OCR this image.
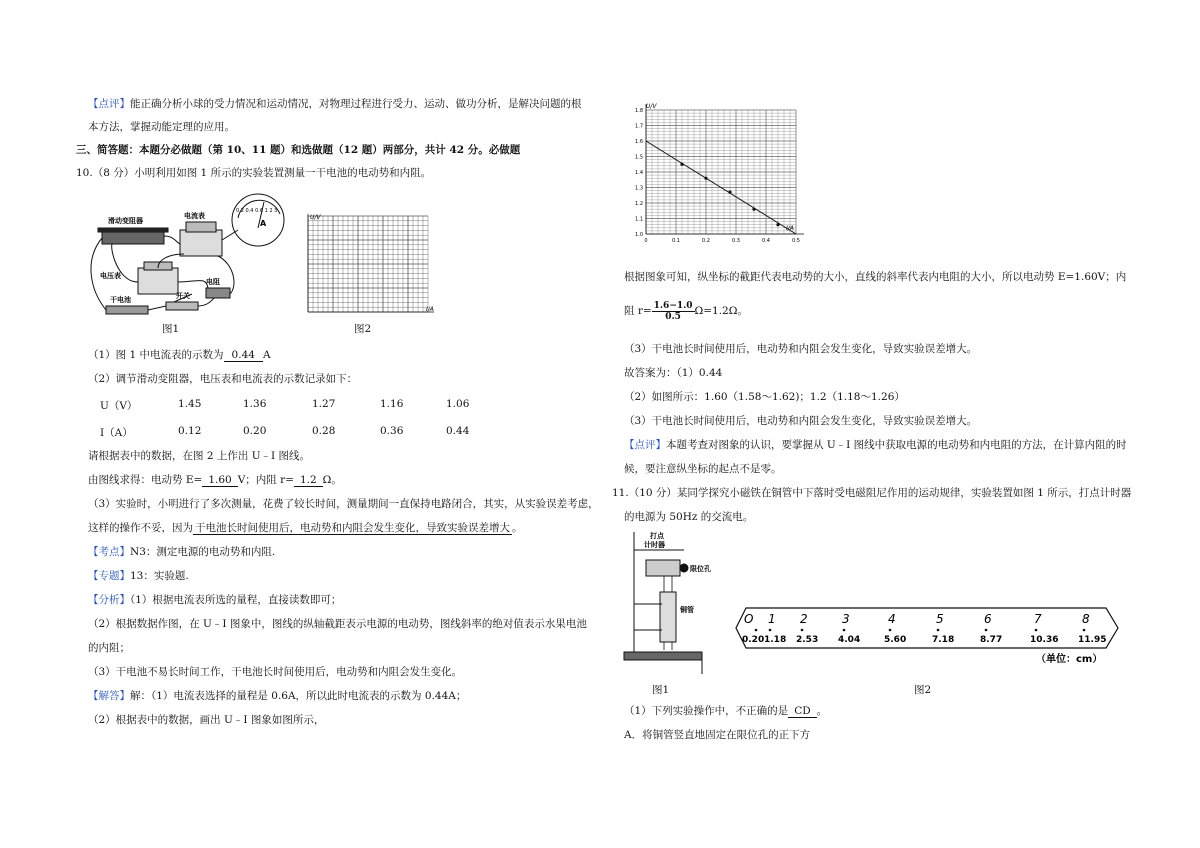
【点评】能正确分析小球的受力情况和运动情况，对物理过程进行受力、运动、做功分析，是解决问题的根
本方法，掌握动能定理的应用。
三、简答题：本题分必做题（第 10、11 题）和选做题（12 题）两部分，共计 42 分。必做题
10.（8 分）小明利用如图 1 所示的实验装置测量一干电池的电动势和内阻。
滑动变阻器
电流表
A
0.2 0.4 0.6 1 2 3
电压表
干电池	开关
电阻
图1
U/V
I/A
图2
（1）图 1 中电流表的示数为 0.44 A
（2）调节滑动变阻器，电压表和电流表的示数记录如下：
U（V）	1.45	1.36	1.27	1.16	1.06
I（A）	0.12	0.20	0.28	0.36	0.44
请根据表中的数据，在图 2 上作出 U﹣I 图线。
由图线求得：电动势 E= 1.60 V；内阻 r= 1.2 Ω。
（3）实验时，小明进行了多次测量，花费了较长时间，测量期间一直保持电路闭合，其实，从实验误差考虑，
这样的操作不妥，因为 干电池长时间使用后，电动势和内阻会发生变化，导致实验误差增大 。
【考点】N3：测定电源的电动势和内阻.
【专题】13：实验题.
【分析】（1）根据电流表所选的量程，直接读数即可；
（2）根据数据作图，在 U﹣I 图象中，图线的纵轴截距表示电源的电动势，图线斜率的绝对值表示水果电池
的内阻；
（3）干电池不易长时间工作，干电池长时间使用后，电动势和内阻会发生变化。
【解答】解：（1）电流表选择的量程是 0.6A，所以此时电流表的示数为 0.44A；
（2）根据表中的数据，画出 U﹣I 图象如图所示，
1.8
1.7
1.6
1.5
1.4
1.3
1.2
1.1
1.0
0	0.1	0.2	0.3	0.4	0.5
U/V
I/A
根据图象可知，纵坐标的截距代表电动势的大小，直线的斜率代表内电阻的大小，所以电动势 E=1.60V；内
阻 $r= \frac{1.6-1.0}{0.5} \Omega=1.2\Omega$。
（3）干电池长时间使用后，电动势和内阻会发生变化，导致实验误差增大。
故答案为：（1）0.44
（2）如图所示：1.60（1.58～1.62)；1.2（1.18～1.26）
（3）干电池长时间使用后，电动势和内阻会发生变化，导致实验误差增大。
【点评】本题考查对图象的认识，要掌握从 U﹣I 图线中获取电源的电动势和内电阻的方法，在计算内阻的时
候，要注意纵坐标的起点不是零。
11.（10 分）某同学探究小磁铁在铜管中下落时受电磁阻尼作用的运动规律，实验装置如图 1 所示，打点计时器
的电源为 50Hz 的交流电。
打点
计时器
限位孔
铜管
O 1 2	3	4	5	6	7	8
0.20 1.18 2.53 4.04	5.60	7.18	8.77	10.36 11.95
（单位：cm）
图1	图2
（1）下列实验操作中，不正确的是 CD 。
A．将铜管竖直地固定在限位孔的正下方
